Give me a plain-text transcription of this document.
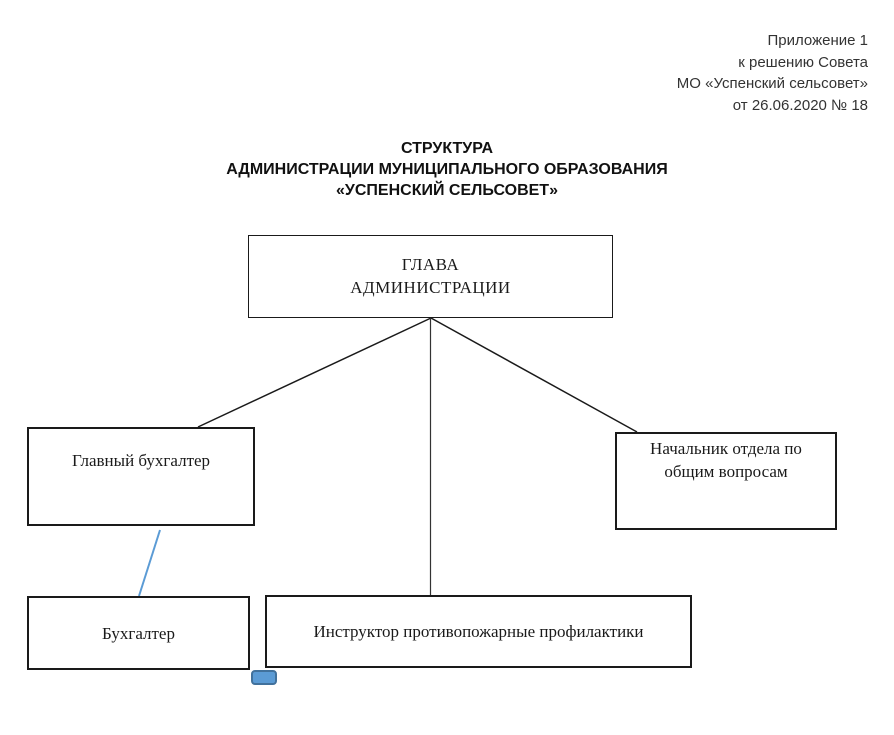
Приложение 1
к решению Совета
МО «Успенский сельсовет»
от 26.06.2020 № 18
СТРУКТУРА
АДМИНИСТРАЦИИ МУНИЦИПАЛЬНОГО ОБРАЗОВАНИЯ
«УСПЕНСКИЙ СЕЛЬСОВЕТ»
ГЛАВА
АДМИНИСТРАЦИИ
Главный бухгалтер
Начальник отдела по
общим вопросам
Бухгалтер	Инструктор противопожарные профилактики
